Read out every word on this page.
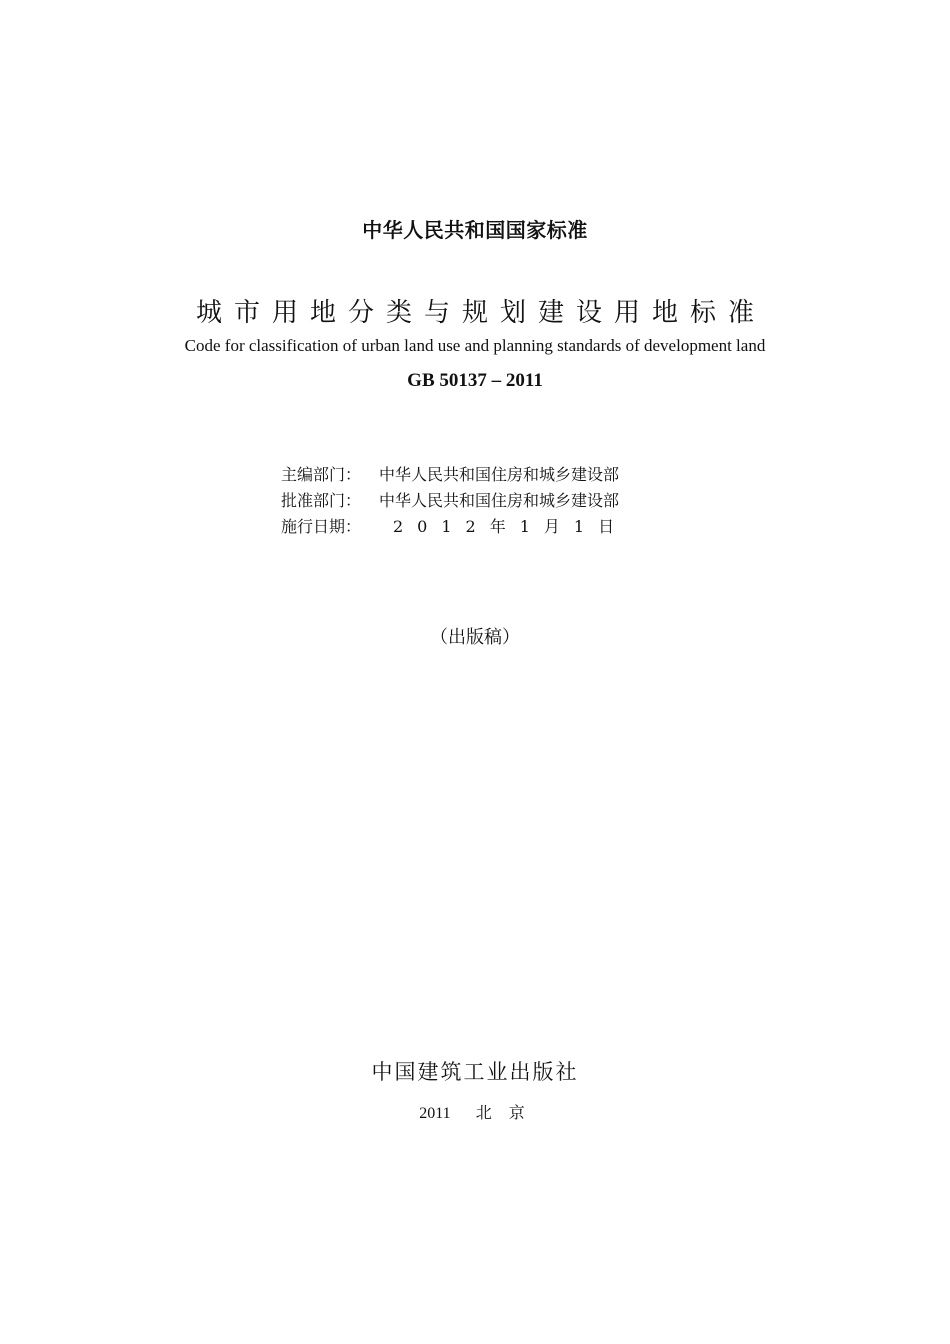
中华人民共和国国家标准
城市用地分类与规划建设用地标准
Code for classification of urban land use and planning standards of development land
GB 50137 – 2011
主编部门：	中华人民共和国住房和城乡建设部
批准部门：	中华人民共和国住房和城乡建设部
施行日期：	2012年1月1日
（出版稿）
中国建筑工业出版社
2011 北 京
